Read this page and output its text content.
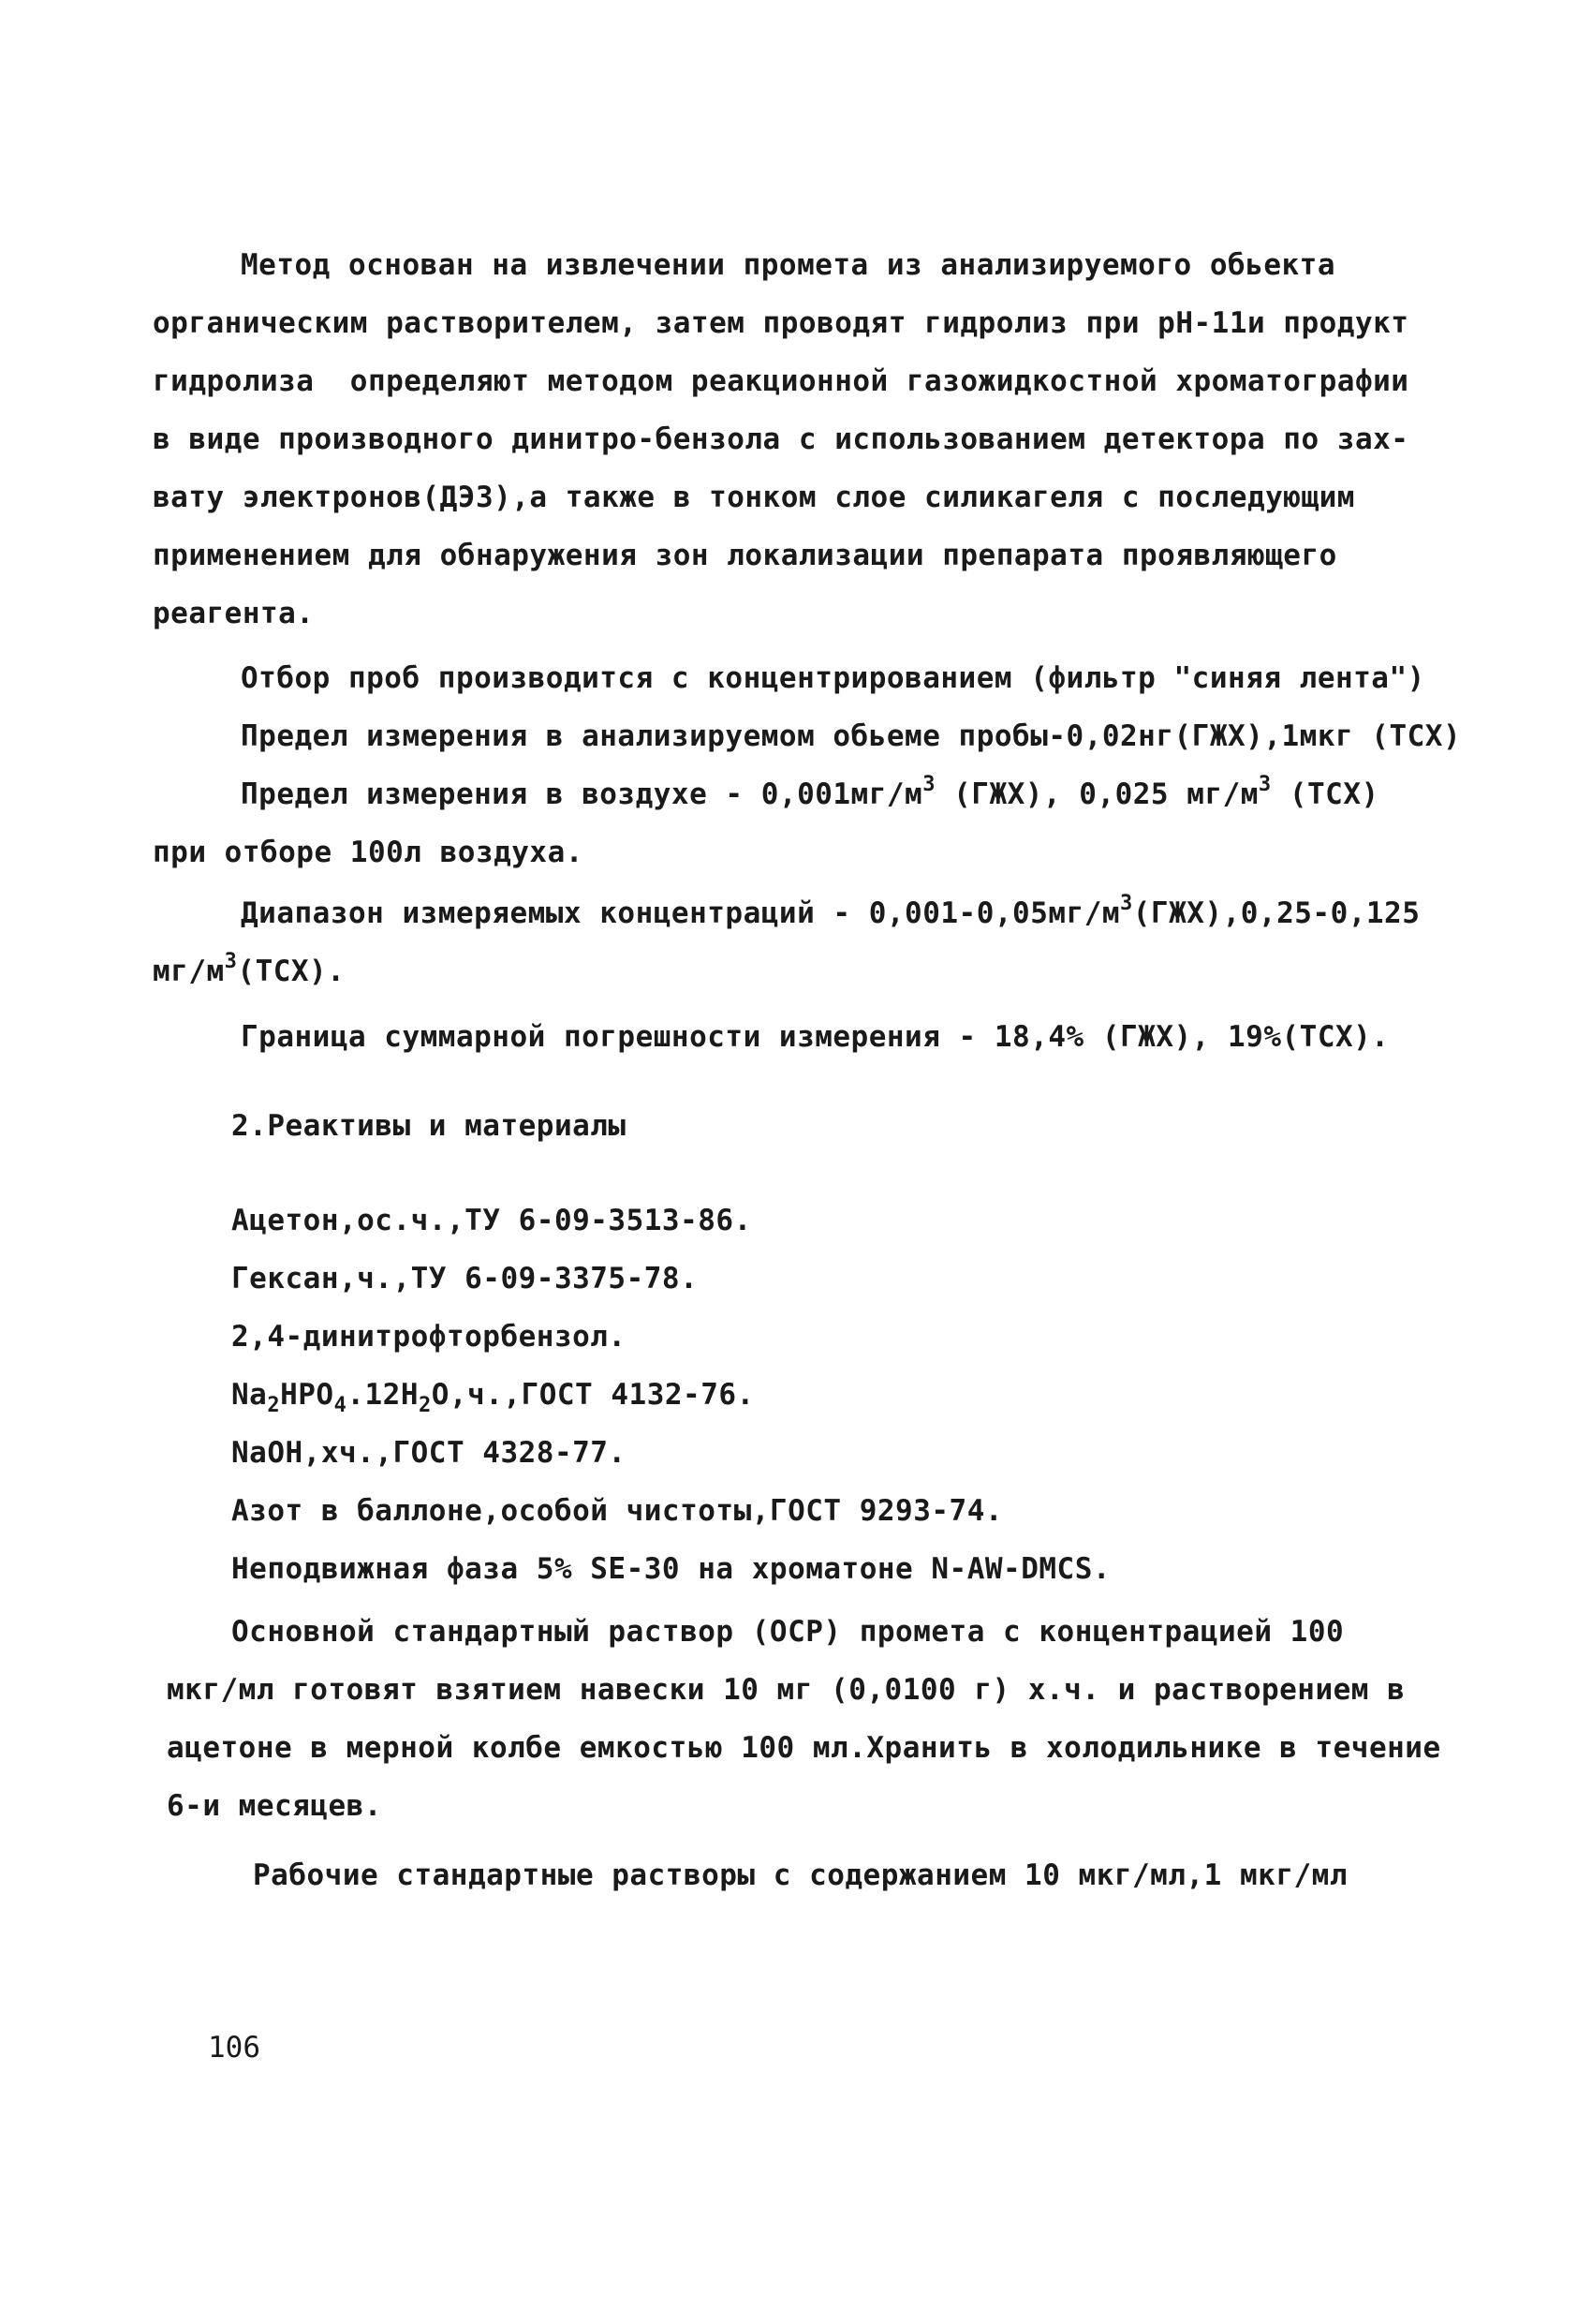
Метод основан на извлечении промета из анализируемого обьекта
органическим растворителем, затем проводят гидролиз при рН-11и продукт
гидролиза  определяют методом реакционной газожидкостной хроматографии
в виде производного динитро-бензола с использованием детектора по зах-
вату электронов(ДЭЗ),а также в тонком слое силикагеля с последующим
применением для обнаружения зон локализации препарата проявляющего
реагента.
Отбор проб производится с концентрированием (фильтр "синяя лента")
Предел измерения в анализируемом обьеме пробы-0,02нг(ГЖХ),1мкг (ТСХ)
Предел измерения в воздухе - $0,001мг/м^3$ (ГЖХ), 0,025 $мг/м^3$ (ТСХ)
при отборе 100л воздуха.
Диапазон измеряемых концентраций - $0,001-0,05мг/м^3(ГЖХ),0,25-0,125$
$мг/м^3(ТСХ)$.
Граница суммарной погрешности измерения - 18,4% (ГЖХ), 19%(ТСХ).
2.Реактивы и материалы
Ацетон,ос.ч.,ТУ 6-09-3513-86.
Гексан,ч.,ТУ 6-09-3375-78.
2,4-динитрофторбензол.
$Na_2HPO_4.12H_2O,ч.,ГОСТ$ 4132-76.
NaOH,хч.,ГОСТ 4328-77.
Азот в баллоне,особой чистоты,ГОСТ 9293-74.
Неподвижная фаза 5% SE-30 на хроматоне N-AW-DMCS.
Основной стандартный раствор (ОСР) промета с концентрацией 100
мкг/мл готовят взятием навески 10 мг (0,0100 г) х.ч. и растворением в
ацетоне в мерной колбе емкостью 100 мл.Хранить в холодильнике в течение
6-и месяцев.
Рабочие стандартные растворы с содержанием 10 мкг/мл,1 мкг/мл
106
